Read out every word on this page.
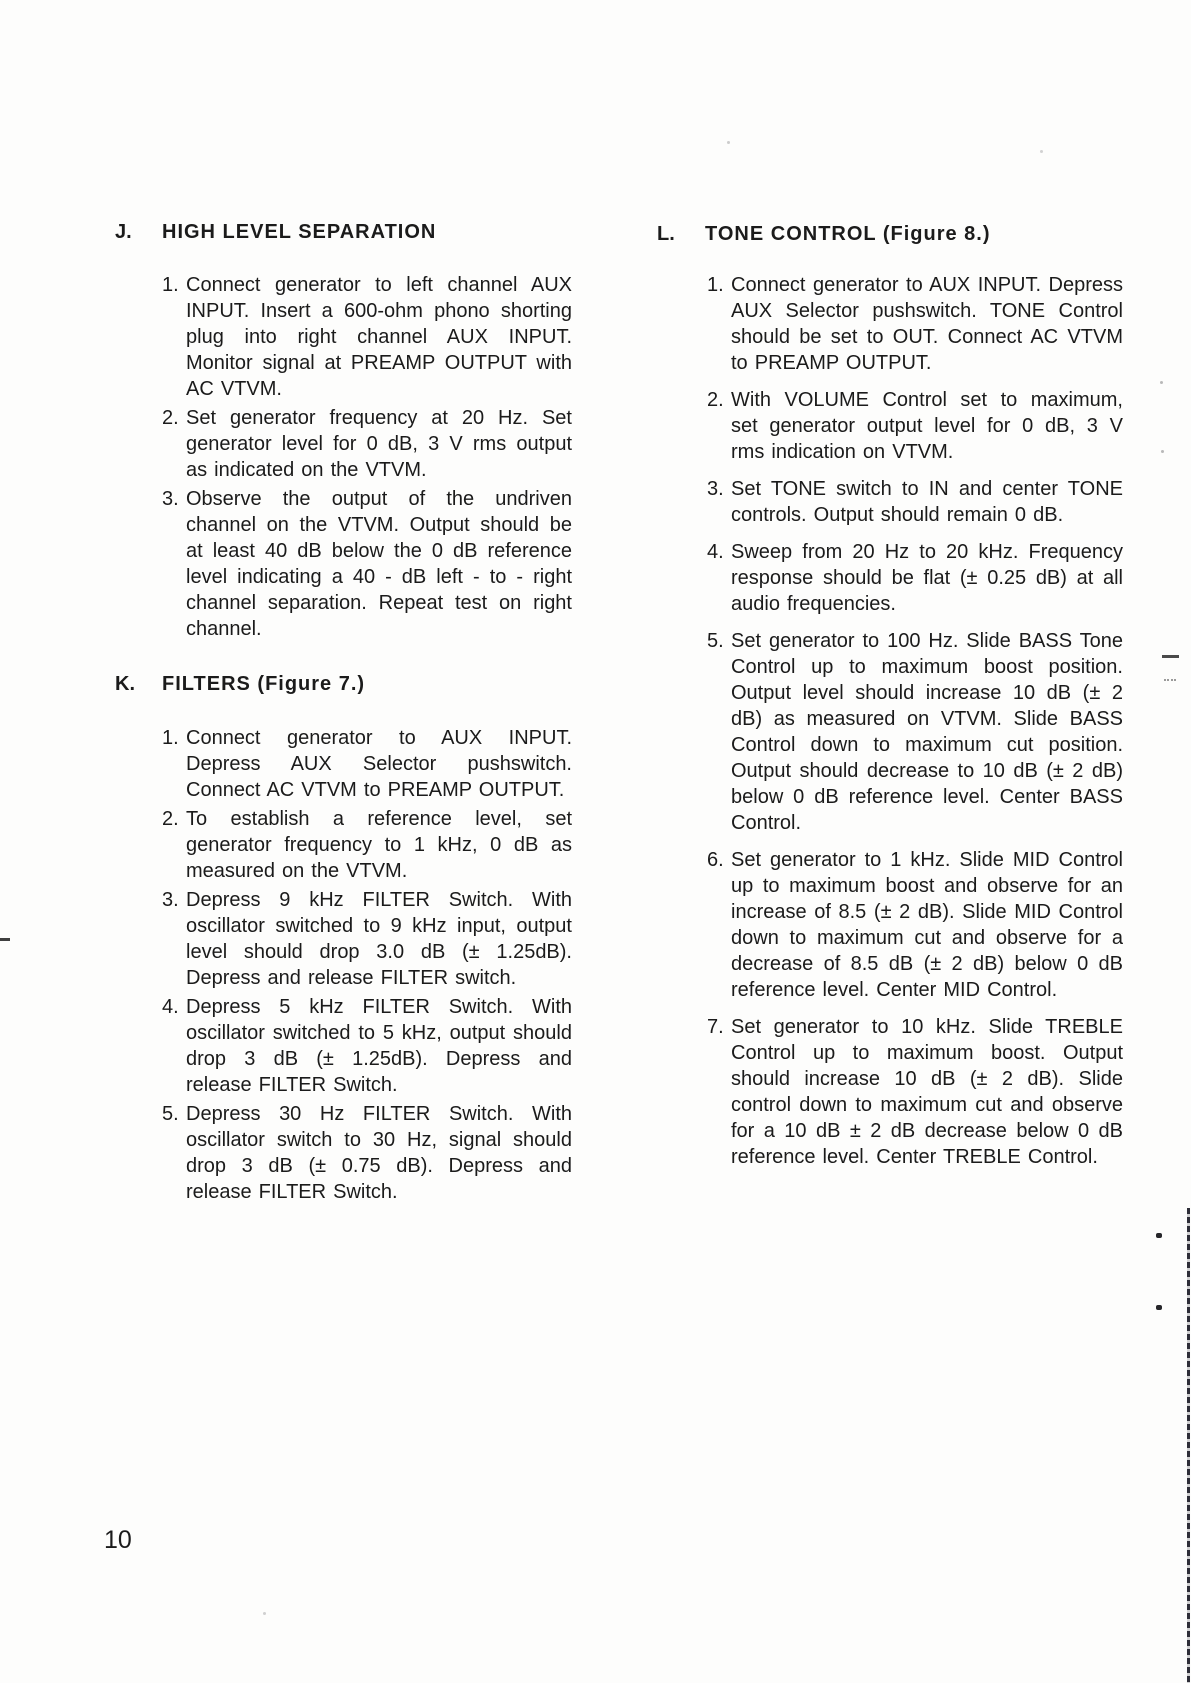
J.	HIGH LEVEL SEPARATION
1. Connect generator to left channel AUX INPUT. Insert a 600-ohm phono shorting plug into right channel AUX INPUT. Monitor signal at PREAMP OUTPUT with AC VTVM.
2. Set generator frequency at 20 Hz. Set generator level for 0 dB, 3 V rms output as indicated on the VTVM.
3. Observe the output of the undriven channel on the VTVM. Output should be at least 40 dB below the 0 dB reference level indicating a 40 - dB left - to - right channel separation. Repeat test on right channel.
K.	FILTERS (Figure 7.)
1. Connect generator to AUX INPUT. Depress AUX Selector pushswitch. Connect AC VTVM to PREAMP OUTPUT.
2. To establish a reference level, set generator frequency to 1 kHz, 0 dB as measured on the VTVM.
3. Depress 9 kHz FILTER Switch. With oscillator switched to 9 kHz input, output level should drop 3.0 dB (± 1.25dB). Depress and release FILTER switch.
4. Depress 5 kHz FILTER Switch. With oscillator switched to 5 kHz, output should drop 3 dB (± 1.25dB). Depress and release FILTER Switch.
5. Depress 30 Hz FILTER Switch. With oscillator switch to 30 Hz, signal should drop 3 dB (± 0.75 dB). Depress and release FILTER Switch.
L.	TONE CONTROL (Figure 8.)
1. Connect generator to AUX INPUT. Depress AUX Selector pushswitch. TONE Control should be set to OUT. Connect AC VTVM to PREAMP OUTPUT.
2. With VOLUME Control set to maximum, set generator output level for 0 dB, 3 V rms indication on VTVM.
3. Set TONE switch to IN and center TONE controls. Output should remain 0 dB.
4. Sweep from 20 Hz to 20 kHz. Frequency response should be flat (± 0.25 dB) at all audio frequencies.
5. Set generator to 100 Hz. Slide BASS Tone Control up to maximum boost position. Output level should increase 10 dB (± 2 dB) as measured on VTVM. Slide BASS Control down to maximum cut position. Output should decrease to 10 dB (± 2 dB) below 0 dB reference level. Center BASS Control.
6. Set generator to 1 kHz. Slide MID Control up to maximum boost and observe for an increase of 8.5 (± 2 dB). Slide MID Control down to maximum cut and observe for a decrease of 8.5 dB (± 2 dB) below 0 dB reference level. Center MID Control.
7. Set generator to 10 kHz. Slide TREBLE Control up to maximum boost. Output should increase 10 dB (± 2 dB). Slide control down to maximum cut and observe for a 10 dB ± 2 dB decrease below 0 dB reference level. Center TREBLE Control.
10
